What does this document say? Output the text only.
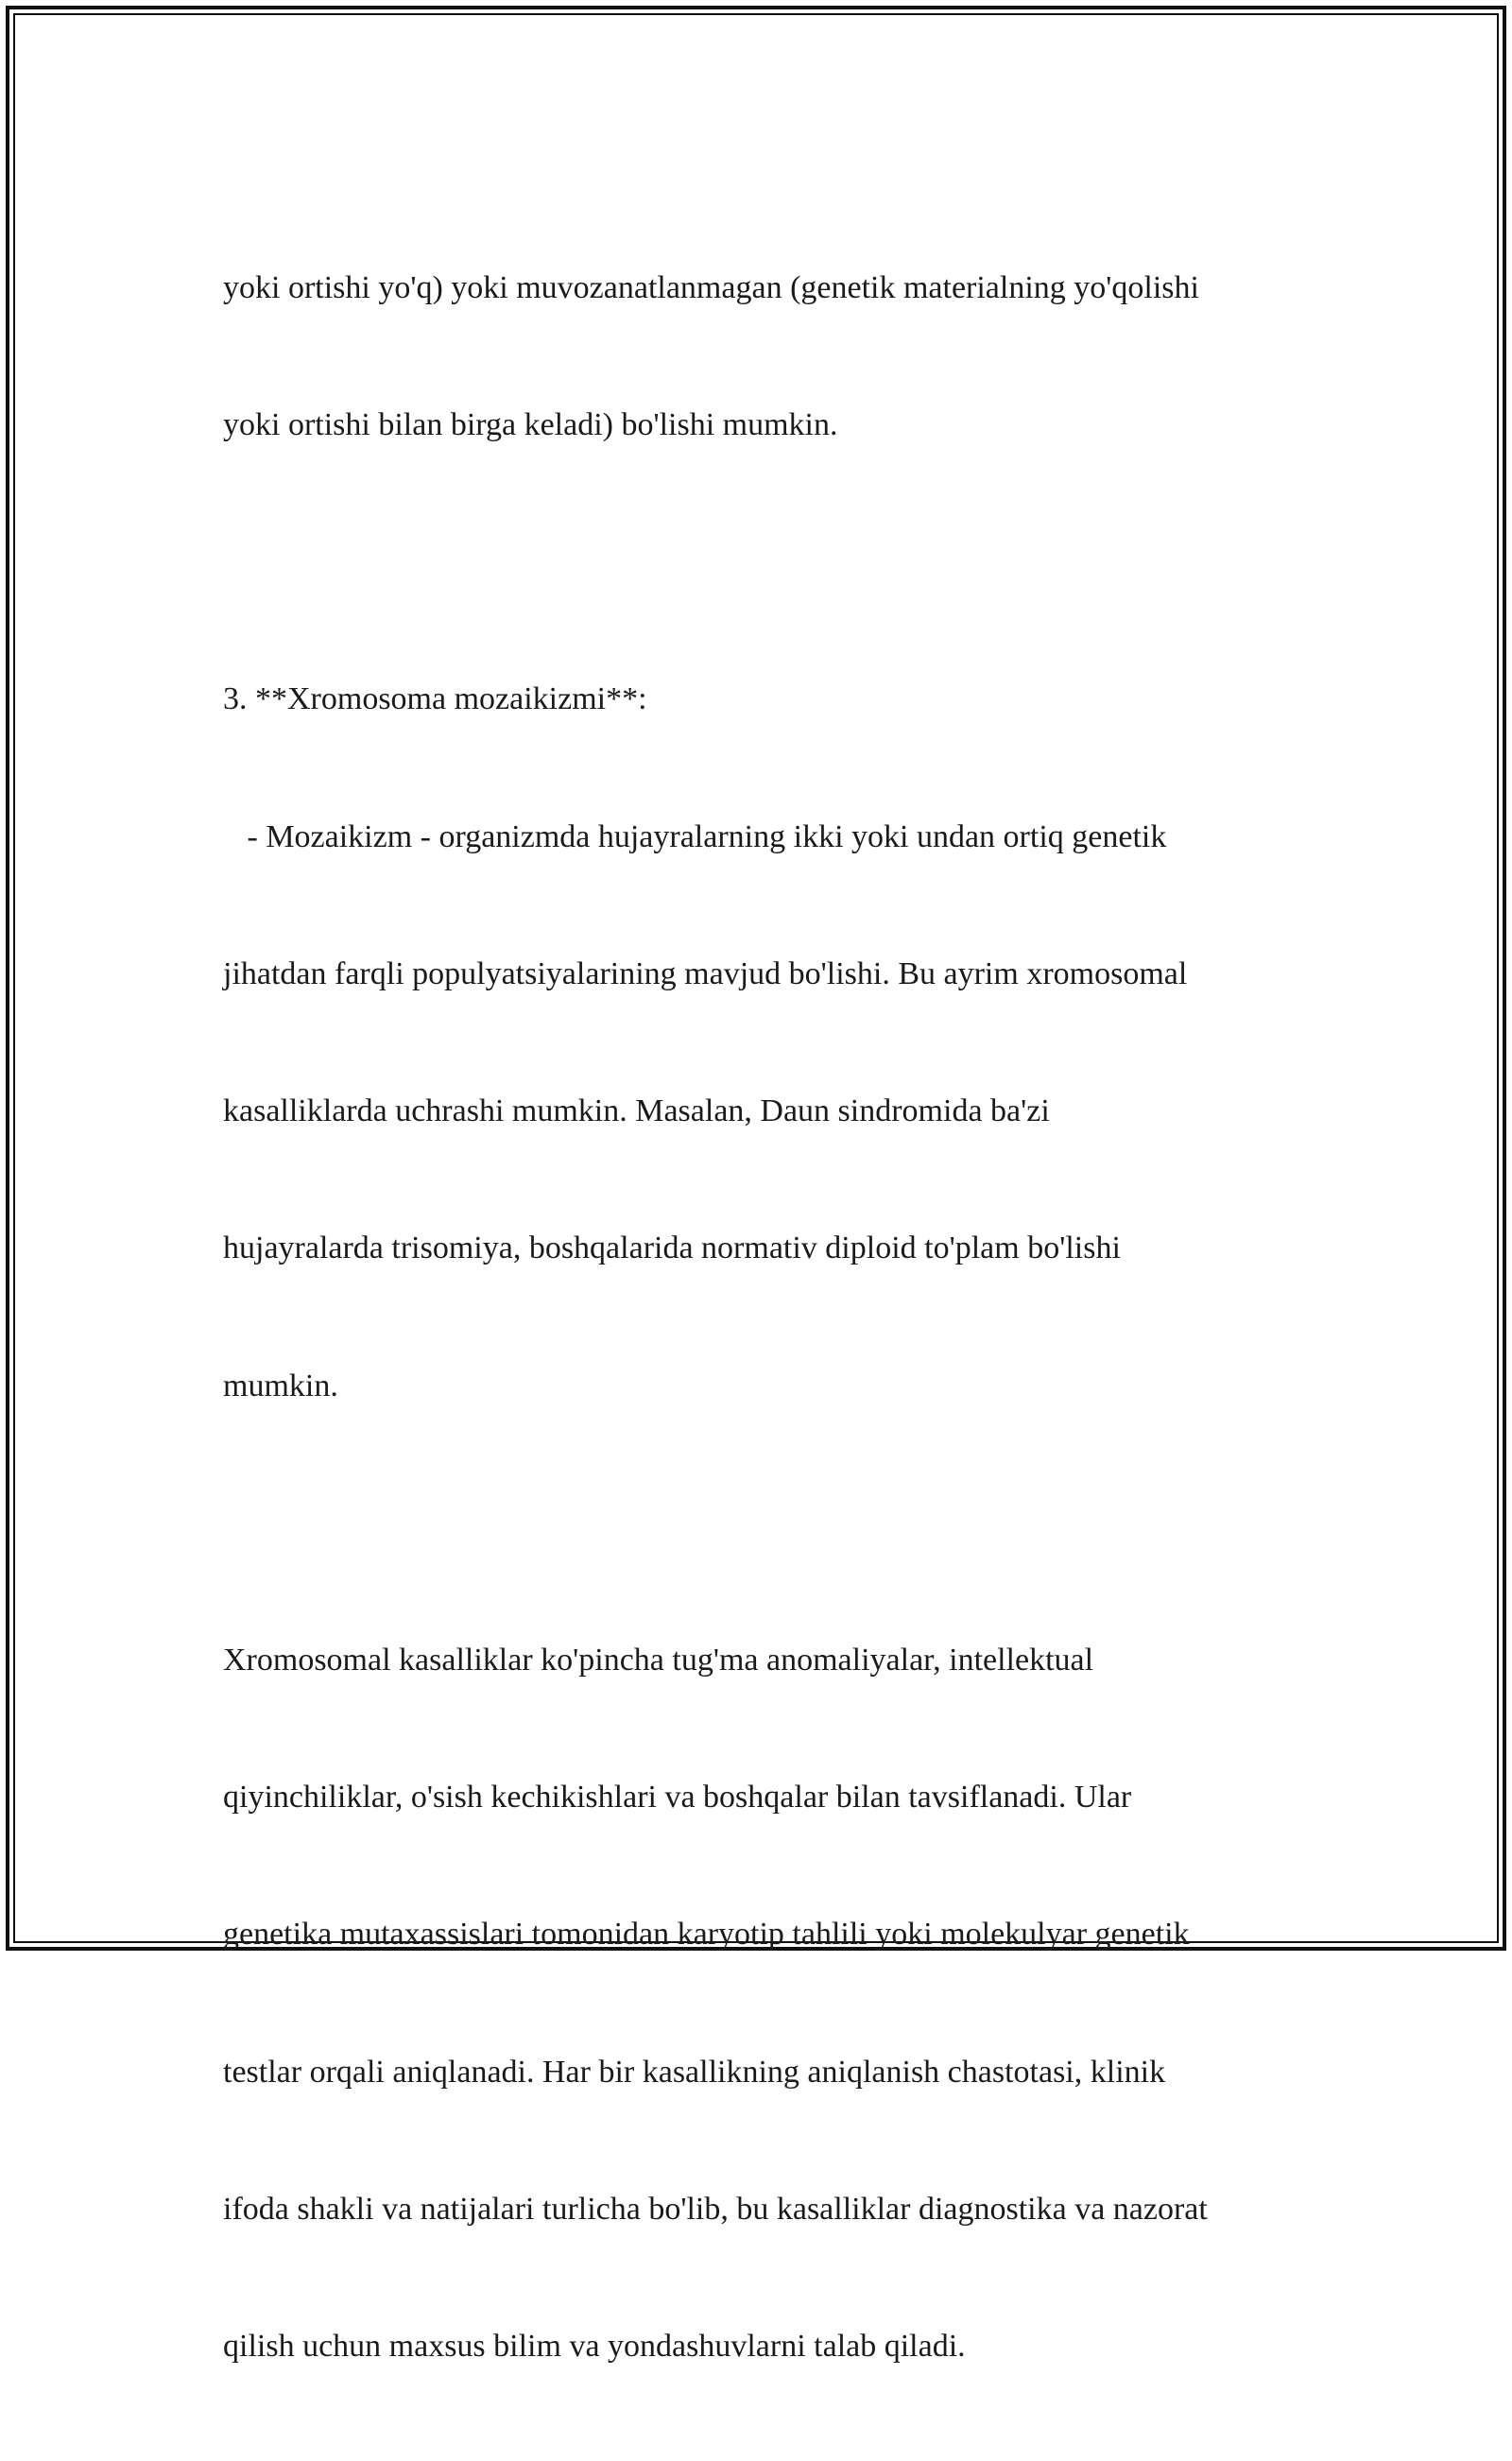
yoki ortishi yo'q) yoki muvozanatlanmagan (genetik materialning yo'qolishi

yoki ortishi bilan birga keladi) bo'lishi mumkin.

3. **Xromosoma mozaikizmi**:

- Mozaikizm - organizmda hujayralarning ikki yoki undan ortiq genetik

jihatdan farqli populyatsiyalarining mavjud bo'lishi. Bu ayrim xromosomal

kasalliklarda uchrashi mumkin. Masalan, Daun sindromida ba'zi

hujayralarda trisomiya, boshqalarida normativ diploid to'plam bo'lishi

mumkin.

Xromosomal kasalliklar ko'pincha tug'ma anomaliyalar, intellektual

qiyinchiliklar, o'sish kechikishlari va boshqalar bilan tavsiflanadi. Ular

genetika mutaxassislari tomonidan karyotip tahlili yoki molekulyar genetik

testlar orqali aniqlanadi. Har bir kasallikning aniqlanish chastotasi, klinik

ifoda shakli va natijalari turlicha bo'lib, bu kasalliklar diagnostika va nazorat

qilish uchun maxsus bilim va yondashuvlarni talab qiladi.
